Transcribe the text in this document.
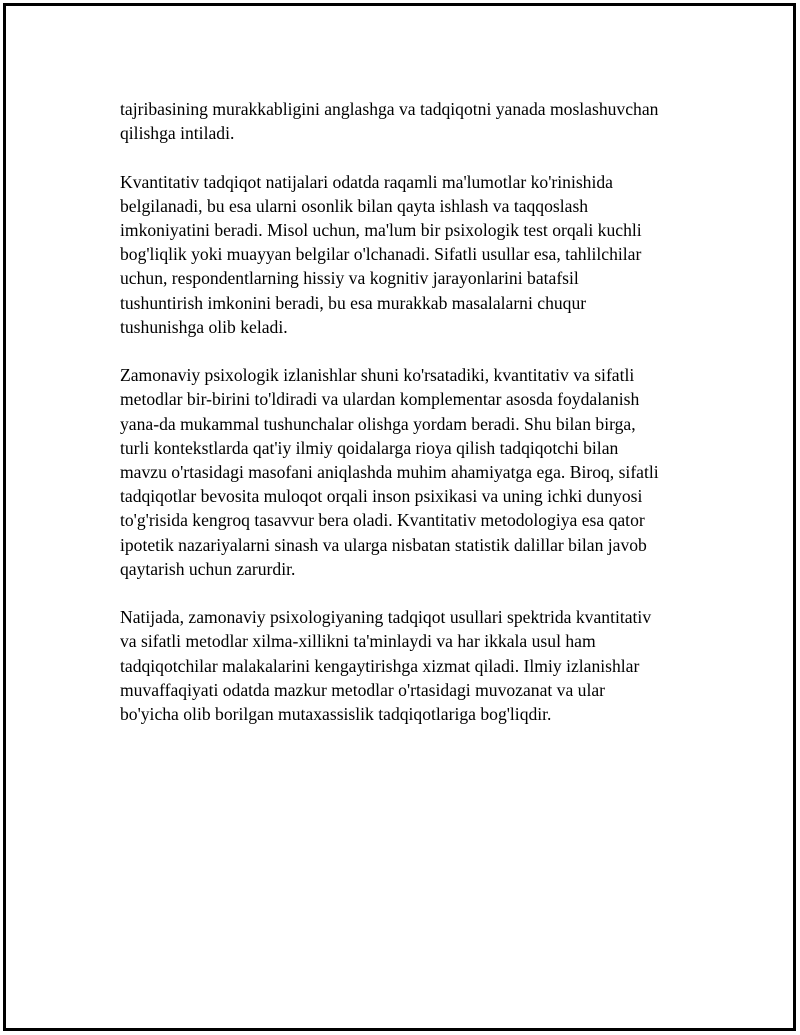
tajribasining murakkabligini anglashga va tadqiqotni yanada moslashuvchan
qilishga intiladi.

Kvantitativ tadqiqot natijalari odatda raqamli ma'lumotlar ko'rinishida
belgilanadi, bu esa ularni osonlik bilan qayta ishlash va taqqoslash
imkoniyatini beradi. Misol uchun, ma'lum bir psixologik test orqali kuchli
bog'liqlik yoki muayyan belgilar o'lchanadi. Sifatli usullar esa, tahlilchilar
uchun, respondentlarning hissiy va kognitiv jarayonlarini batafsil
tushuntirish imkonini beradi, bu esa murakkab masalalarni chuqur
tushunishga olib keladi.

Zamonaviy psixologik izlanishlar shuni ko'rsatadiki, kvantitativ va sifatli
metodlar bir-birini to'ldiradi va ulardan komplementar asosda foydalanish
yana-da mukammal tushunchalar olishga yordam beradi. Shu bilan birga,
turli kontekstlarda qat'iy ilmiy qoidalarga rioya qilish tadqiqotchi bilan
mavzu o'rtasidagi masofani aniqlashda muhim ahamiyatga ega. Biroq, sifatli
tadqiqotlar bevosita muloqot orqali inson psixikasi va uning ichki dunyosi
to'g'risida kengroq tasavvur bera oladi. Kvantitativ metodologiya esa qator
ipotetik nazariyalarni sinash va ularga nisbatan statistik dalillar bilan javob
qaytarish uchun zarurdir.

Natijada, zamonaviy psixologiyaning tadqiqot usullari spektrida kvantitativ
va sifatli metodlar xilma-xillikni ta'minlaydi va har ikkala usul ham
tadqiqotchilar malakalarini kengaytirishga xizmat qiladi. Ilmiy izlanishlar
muvaffaqiyati odatda mazkur metodlar o'rtasidagi muvozanat va ular
bo'yicha olib borilgan mutaxassislik tadqiqotlariga bog'liqdir.
